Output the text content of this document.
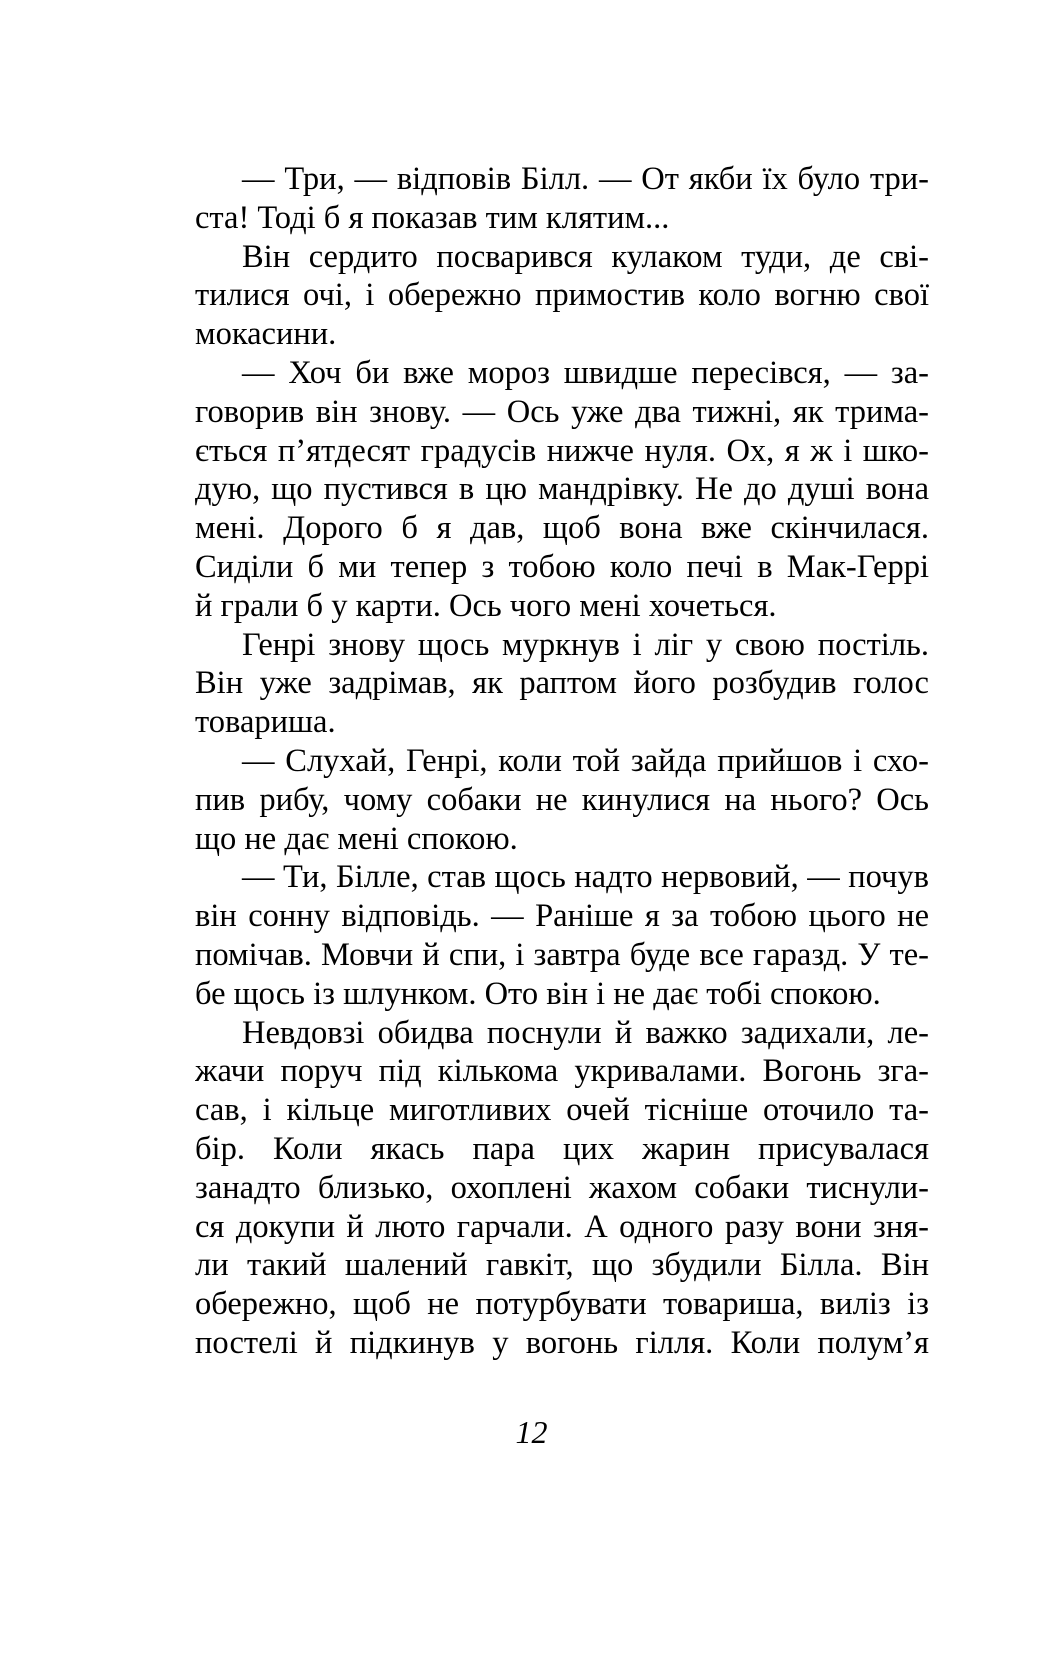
— Три, — відповів Білл. — От якби їх було три-
ста! Тоді б я показав тим клятим...
Він сердито посварився кулаком туди, де сві-
тилися очі, і обережно примостив коло вогню свої
мокасини.
— Хоч би вже мороз швидше пересівся, — за-
говорив він знову. — Ось уже два тижні, як трима-
ється п’ятдесят градусів нижче нуля. Ох, я ж і шко-
дую, що пустився в цю мандрівку. Не до душі вона
мені. Дорого б я дав, щоб вона вже скінчилася.
Сиділи б ми тепер з тобою коло печі в Мак-Геррі
й грали б у карти. Ось чого мені хочеться.
Генрі знову щось муркнув і ліг у свою постіль.
Він уже задрімав, як раптом його розбудив голос
товариша.
— Слухай, Генрі, коли той зайда прийшов і схо-
пив рибу, чому собаки не кинулися на нього? Ось
що не дає мені спокою.
— Ти, Білле, став щось надто нервовий, — почув
він сонну відповідь. — Раніше я за тобою цього не
помічав. Мовчи й спи, і завтра буде все гаразд. У те-
бе щось із шлунком. Ото він і не дає тобі спокою.
Невдовзі обидва поснули й важко задихали, ле-
жачи поруч під кількома укривалами. Вогонь зга-
сав, і кільце миготливих очей тісніше оточило та-
бір. Коли якась пара цих жарин присувалася
занадто близько, охоплені жахом собаки тиснули-
ся докупи й люто гарчали. А одного разу вони зня-
ли такий шалений гавкіт, що збудили Білла. Він
обережно, щоб не потурбувати товариша, виліз із
постелі й підкинув у вогонь гілля. Коли полум’я
12
